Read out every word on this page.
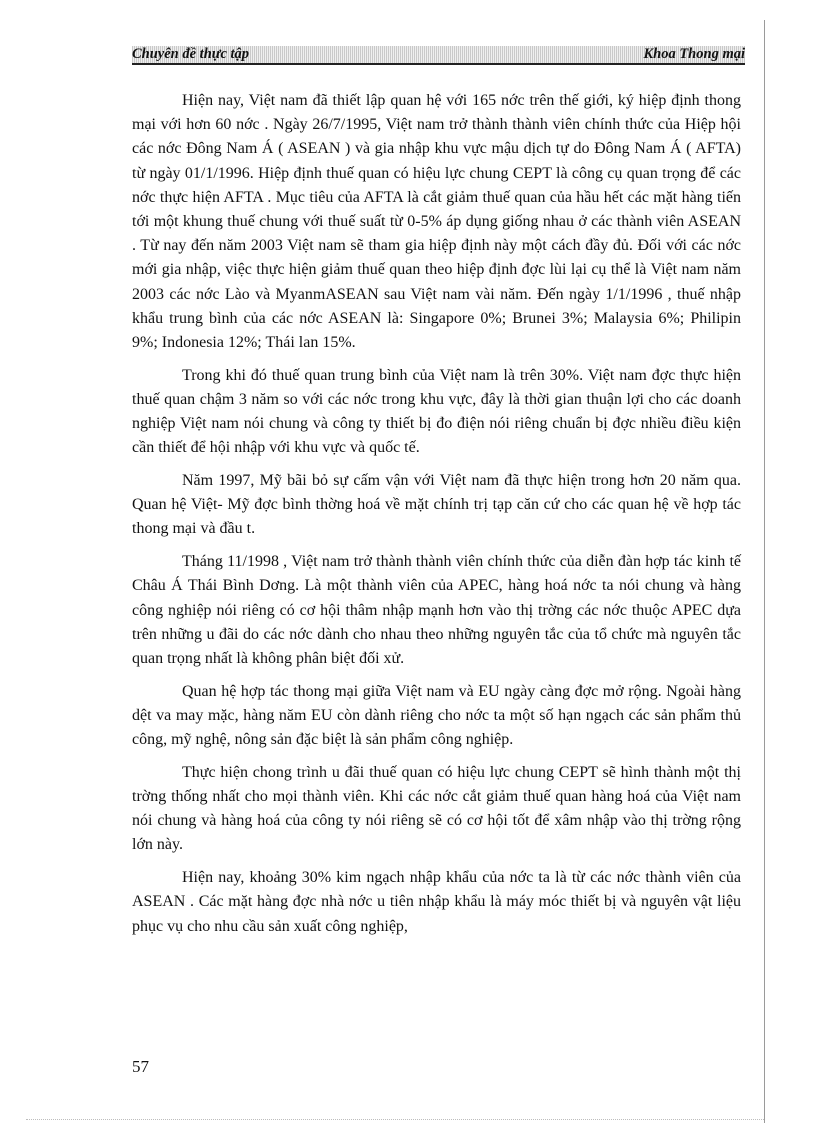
Chuyên đề thực tập	Khoa Thong mại

Hiện nay, Việt nam đã thiết lập quan hệ với 165 nớc trên thế giới, ký hiệp định thong mại với hơn 60 nớc . Ngày 26/7/1995, Việt nam trở thành thành viên chính thức của Hiệp hội các nớc Đông Nam Á ( ASEAN ) và gia nhập khu vực mậu dịch tự do Đông Nam Á ( AFTA) từ ngày 01/1/1996. Hiệp định thuế quan có hiệu lực chung CEPT là công cụ quan trọng để các nớc thực hiện AFTA . Mục tiêu của AFTA là cắt giảm thuế quan của hầu hết các mặt hàng tiến tới một khung thuế chung với thuế suất từ 0-5% áp dụng giống nhau ở các thành viên ASEAN . Từ nay đến năm 2003 Việt nam sẽ tham gia hiệp định này một cách đầy đủ. Đối với các nớc mới gia nhập, việc thực hiện giảm thuế quan theo hiệp định đợc lùi lại cụ thể là Việt nam năm 2003 các nớc Lào và MyanmASEAN sau Việt nam vài năm. Đến ngày 1/1/1996 , thuế nhập khẩu trung bình của các nớc ASEAN là: Singapore 0%; Brunei 3%; Malaysia 6%; Philipin 9%; Indonesia 12%; Thái lan 15%.

Trong khi đó thuế quan trung bình của Việt nam là trên 30%. Việt nam đợc thực hiện thuế quan chậm 3 năm so với các nớc trong khu vực, đây là thời gian thuận lợi cho các doanh nghiệp Việt nam nói chung và công ty thiết bị đo điện nói riêng chuẩn bị đợc nhiều điều kiện cần thiết để hội nhập với khu vực và quốc tế.

Năm 1997, Mỹ bãi bỏ sự cấm vận với Việt nam đã thực hiện trong hơn 20 năm qua. Quan hệ Việt- Mỹ đợc bình thờng hoá về mặt chính trị tạp căn cứ cho các quan hệ về hợp tác thong mại và đầu t.

Tháng 11/1998 , Việt nam trở thành thành viên chính thức của diễn đàn hợp tác kinh tế Châu Á Thái Bình Dơng. Là một thành viên của APEC, hàng hoá nớc ta nói chung và hàng công nghiệp nói riêng có cơ hội thâm nhập mạnh hơn vào thị trờng các nớc thuộc APEC dựa trên những u đãi do các nớc dành cho nhau theo những nguyên tắc của tổ chức mà nguyên tắc quan trọng nhất là không phân biệt đối xử.

Quan hệ hợp tác thong mại giữa Việt nam và EU ngày càng đợc mở rộng. Ngoài hàng dệt va may mặc, hàng năm EU còn dành riêng cho nớc ta một số hạn ngạch các sản phẩm thủ công, mỹ nghệ, nông sản đặc biệt là sản phẩm công nghiệp.

Thực hiện chong trình u đãi thuế quan có hiệu lực chung CEPT sẽ hình thành một thị trờng thống nhất cho mọi thành viên. Khi các nớc cắt giảm thuế quan hàng hoá của Việt nam nói chung và hàng hoá của công ty nói riêng sẽ có cơ hội tốt để xâm nhập vào thị trờng rộng lớn này.

Hiện nay, khoảng 30% kim ngạch nhập khẩu của nớc ta là từ các nớc thành viên của ASEAN . Các mặt hàng đợc nhà nớc u tiên nhập khẩu là máy móc thiết bị và nguyên vật liệu phục vụ cho nhu cầu sản xuất công nghiệp,

57
